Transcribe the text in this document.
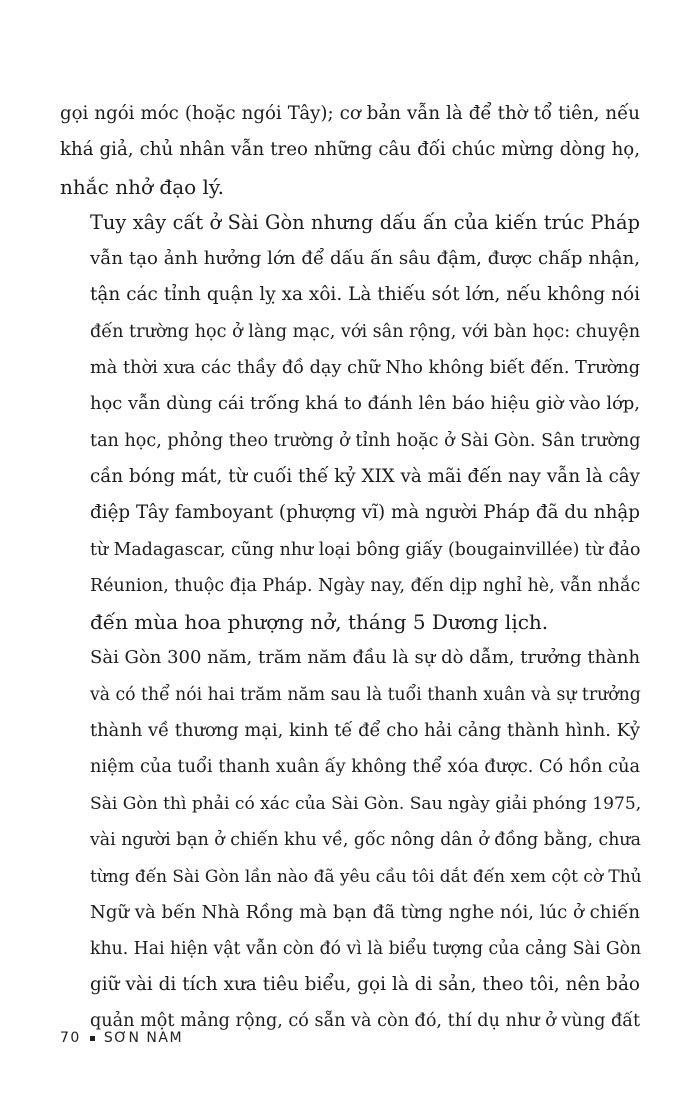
gọi ngói móc (hoặc ngói Tây); cơ bản vẫn là để thờ tổ tiên, nếu
khá giả, chủ nhân vẫn treo những câu đối chúc mừng dòng họ,
nhắc nhở đạo lý.
Tuy xây cất ở Sài Gòn nhưng dấu ấn của kiến trúc Pháp
vẫn tạo ảnh hưởng lớn để dấu ấn sâu đậm, được chấp nhận,
tận các tỉnh quận lỵ xa xôi. Là thiếu sót lớn, nếu không nói
đến trường học ở làng mạc, với sân rộng, với bàn học: chuyện
mà thời xưa các thầy đồ dạy chữ Nho không biết đến. Trường
học vẫn dùng cái trống khá to đánh lên báo hiệu giờ vào lớp,
tan học, phỏng theo trường ở tỉnh hoặc ở Sài Gòn. Sân trường
cần bóng mát, từ cuối thế kỷ XIX và mãi đến nay vẫn là cây
điệp Tây famboyant (phượng vĩ) mà người Pháp đã du nhập
từ Madagascar, cũng như loại bông giấy (bougainvillée) từ đảo
Réunion, thuộc địa Pháp. Ngày nay, đến dịp nghỉ hè, vẫn nhắc
đến mùa hoa phượng nở, tháng 5 Dương lịch.
Sài Gòn 300 năm, trăm năm đầu là sự dò dẫm, trưởng thành
và có thể nói hai trăm năm sau là tuổi thanh xuân và sự trưởng
thành về thương mại, kinh tế để cho hải cảng thành hình. Kỷ
niệm của tuổi thanh xuân ấy không thể xóa được. Có hồn của
Sài Gòn thì phải có xác của Sài Gòn. Sau ngày giải phóng 1975,
vài người bạn ở chiến khu về, gốc nông dân ở đồng bằng, chưa
từng đến Sài Gòn lần nào đã yêu cầu tôi dắt đến xem cột cờ Thủ
Ngữ và bến Nhà Rồng mà bạn đã từng nghe nói, lúc ở chiến
khu. Hai hiện vật vẫn còn đó vì là biểu tượng của cảng Sài Gòn
giữ vài di tích xưa tiêu biểu, gọi là di sản, theo tôi, nên bảo
quản một mảng rộng, có sẵn và còn đó, thí dụ như ở vùng đất
70 SƠN NAM
